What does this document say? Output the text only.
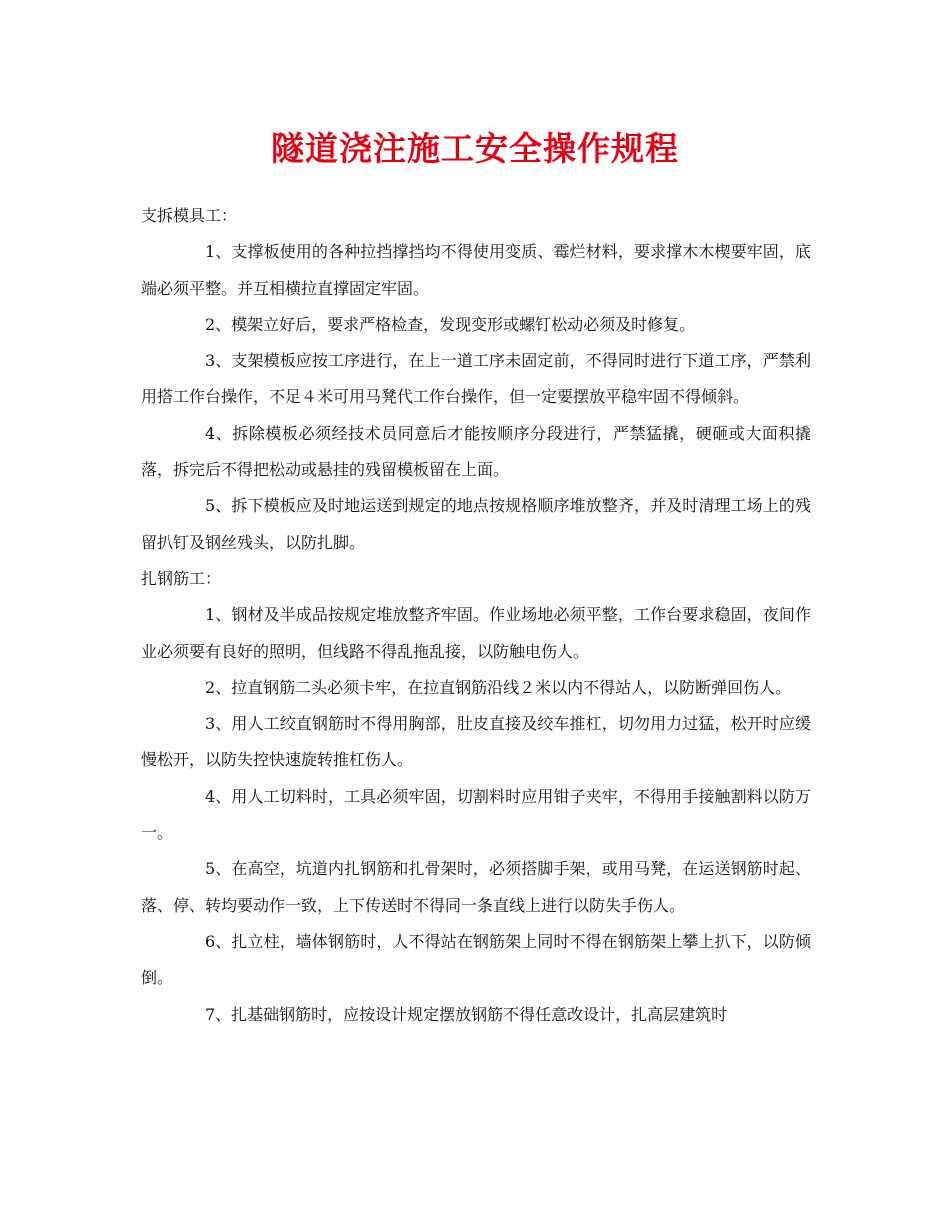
隧道浇注施工安全操作规程

支拆模具工：

1、支撑板使用的各种拉挡撑挡均不得使用变质、霉烂材料，要求撑木木楔要牢固，底端必须平整。并互相横拉直撑固定牢固。

2、模架立好后，要求严格检查，发现变形或螺钉松动必须及时修复。

3、支架模板应按工序进行，在上一道工序未固定前，不得同时进行下道工序，严禁利用搭工作台操作，不足４米可用马凳代工作台操作，但一定要摆放平稳牢固不得倾斜。

4、拆除模板必须经技术员同意后才能按顺序分段进行，严禁猛撬，硬砸或大面积撬落，拆完后不得把松动或悬挂的残留模板留在上面。

5、拆下模板应及时地运送到规定的地点按规格顺序堆放整齐，并及时清理工场上的残留扒钉及钢丝残头，以防扎脚。

扎钢筋工：

1、钢材及半成品按规定堆放整齐牢固。作业场地必须平整，工作台要求稳固，夜间作业必须要有良好的照明，但线路不得乱拖乱接，以防触电伤人。

2、拉直钢筋二头必须卡牢，在拉直钢筋沿线２米以内不得站人，以防断弹回伤人。

3、用人工绞直钢筋时不得用胸部，肚皮直接及绞车推杠，切勿用力过猛，松开时应缓慢松开，以防失控快速旋转推杠伤人。

4、用人工切料时，工具必须牢固，切割料时应用钳子夹牢，不得用手接触割料以防万一。

5、在高空，坑道内扎钢筋和扎骨架时，必须搭脚手架，或用马凳，在运送钢筋时起、落、停、转均要动作一致，上下传送时不得同一条直线上进行以防失手伤人。

6、扎立柱，墙体钢筋时，人不得站在钢筋架上同时不得在钢筋架上攀上扒下，以防倾倒。

7、扎基础钢筋时，应按设计规定摆放钢筋不得任意改设计，扎高层建筑时
